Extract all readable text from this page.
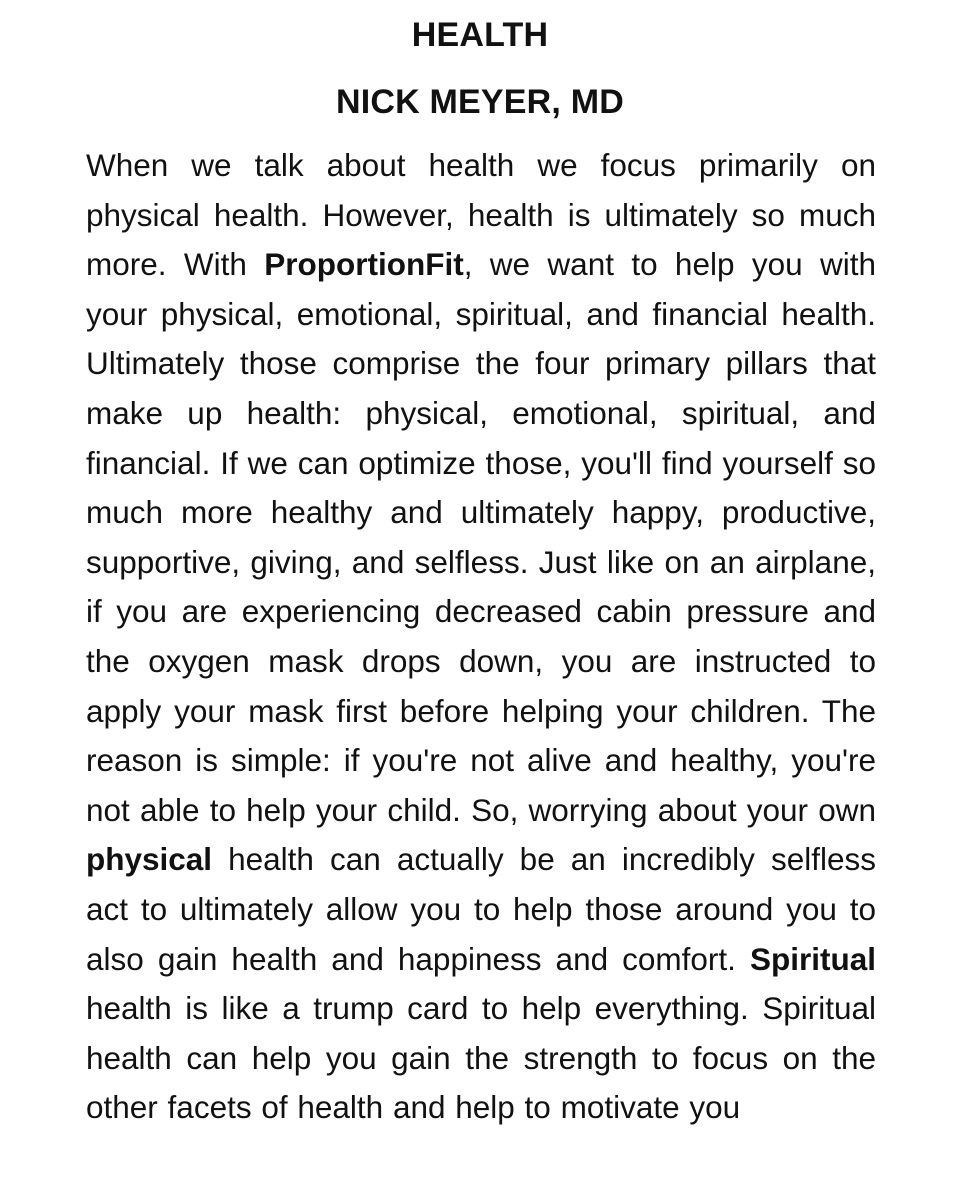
HEALTH
NICK MEYER, MD

When we talk about health we focus primarily on physical health. However, health is ultimately so much more. With ProportionFit, we want to help you with your physical, emotional, spiritual, and financial health. Ultimately those comprise the four primary pillars that make up health: physical, emotional, spiritual, and financial. If we can optimize those, you'll find yourself so much more healthy and ultimately happy, productive, supportive, giving, and selfless. Just like on an airplane, if you are experiencing decreased cabin pressure and the oxygen mask drops down, you are instructed to apply your mask first before helping your children. The reason is simple: if you're not alive and healthy, you're not able to help your child. So, worrying about your own physical health can actually be an incredibly selfless act to ultimately allow you to help those around you to also gain health and happiness and comfort. Spiritual health is like a trump card to help everything. Spiritual health can help you gain the strength to focus on the other facets of health and help to motivate you
